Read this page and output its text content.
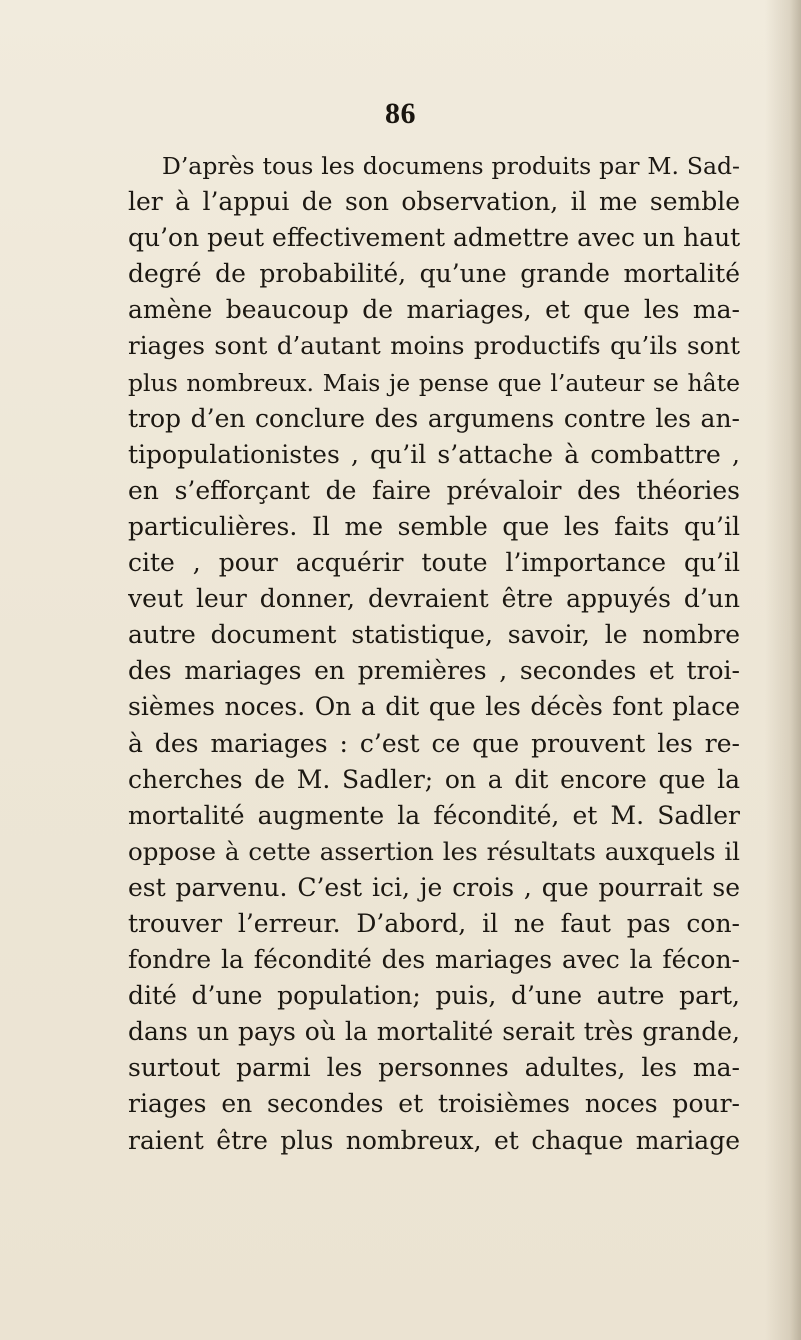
86
D’après tous les documens produits par M. Sad-
ler à l’appui de son observation, il me semble
qu’on peut effectivement admettre avec un haut
degré de probabilité, qu’une grande mortalité
amène beaucoup de mariages, et que les ma-
riages sont d’autant moins productifs qu’ils sont
plus nombreux. Mais je pense que l’auteur se hâte
trop d’en conclure des argumens contre les an-
tipopulationistes , qu’il s’attache à combattre ,
en s’efforçant de faire prévaloir des théories
particulières. Il me semble que les faits qu’il
cite , pour acquérir toute l’importance qu’il
veut leur donner, devraient être appuyés d’un
autre document statistique, savoir, le nombre
des mariages en premières , secondes et troi-
sièmes noces. On a dit que les décès font place
à des mariages : c’est ce que prouvent les re-
cherches de M. Sadler; on a dit encore que la
mortalité augmente la fécondité, et M. Sadler
oppose à cette assertion les résultats auxquels il
est parvenu. C’est ici, je crois , que pourrait se
trouver l’erreur. D’abord, il ne faut pas con-
fondre la fécondité des mariages avec la fécon-
dité d’une population; puis, d’une autre part,
dans un pays où la mortalité serait très grande,
surtout parmi les personnes adultes, les ma-
riages en secondes et troisièmes noces pour-
raient être plus nombreux, et chaque mariage
